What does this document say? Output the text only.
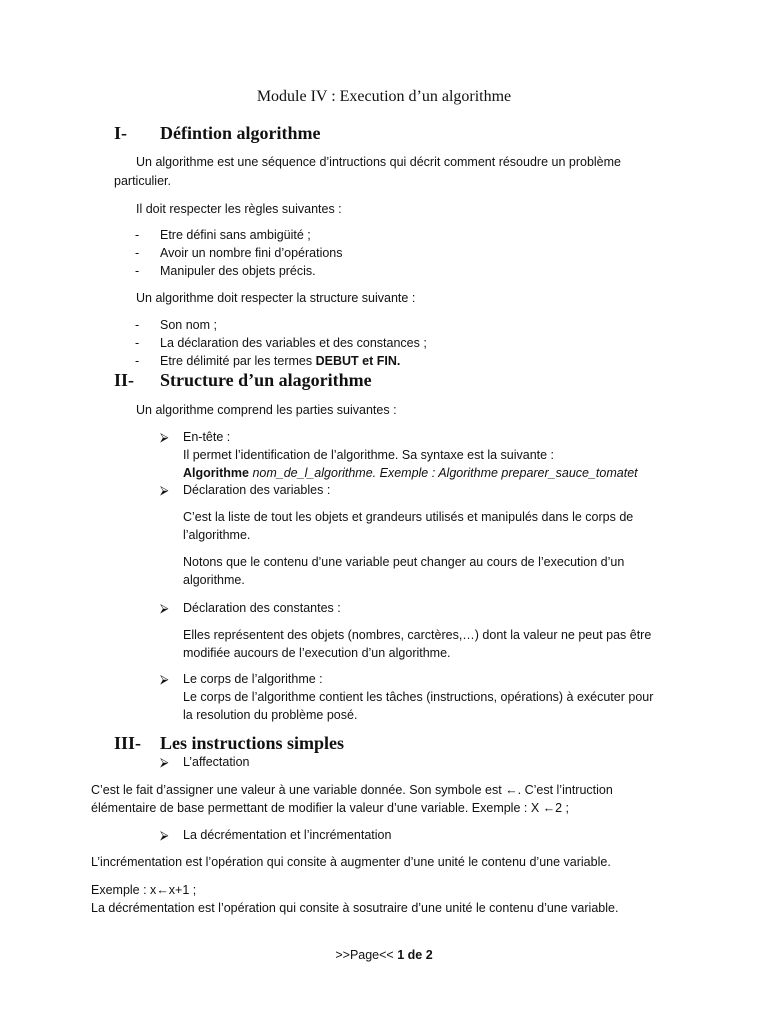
Module IV : Execution d’un algorithme
I- Défintion algorithme
Un algorithme est une séquence d’intructions qui décrit comment résoudre un problème
particulier.
Il doit respecter les règles suivantes :
- Etre défini sans ambigüité ;
- Avoir un nombre fini d’opérations
- Manipuler des objets précis.
Un algorithme doit respecter la structure suivante :
- Son nom ;
- La déclaration des variables et des constances ;
- Etre délimité par les termes DEBUT et FIN.
II- Structure d’un alagorithme
Un algorithme comprend les parties suivantes :
⮚ En-tête :
Il permet l’identification de l’algorithme. Sa syntaxe est la suivante :
Algorithme nom_de_l_algorithme. Exemple : Algorithme preparer_sauce_tomatet
⮚ Déclaration des variables :
C’est la liste de tout les objets et grandeurs utilisés et manipulés dans le corps de
l’algorithme.
Notons que le contenu d’une variable peut changer au cours de l’execution d’un
algorithme.
⮚ Déclaration des constantes :
Elles représentent des objets (nombres, carctères,…) dont la valeur ne peut pas être
modifiée aucours de l’execution d’un algorithme.
⮚ Le corps de l’algorithme :
Le corps de l’algorithme contient les tâches (instructions, opérations) à exécuter pour
la resolution du problème posé.
III- Les instructions simples
⮚ L’affectation
C’est le fait d’assigner une valeur à une variable donnée. Son symbole est ←. C’est l’intruction
élémentaire de base permettant de modifier la valeur d’une variable. Exemple : X ←2 ;
⮚ La décrémentation et l’incrémentation
L’incrémentation est l’opération qui consite à augmenter d’une unité le contenu d’une variable.
Exemple : x←x+1 ;
La décrémentation est l’opération qui consite à sosutraire d’une unité le contenu d’une variable.
>>Page<< 1 de 2
